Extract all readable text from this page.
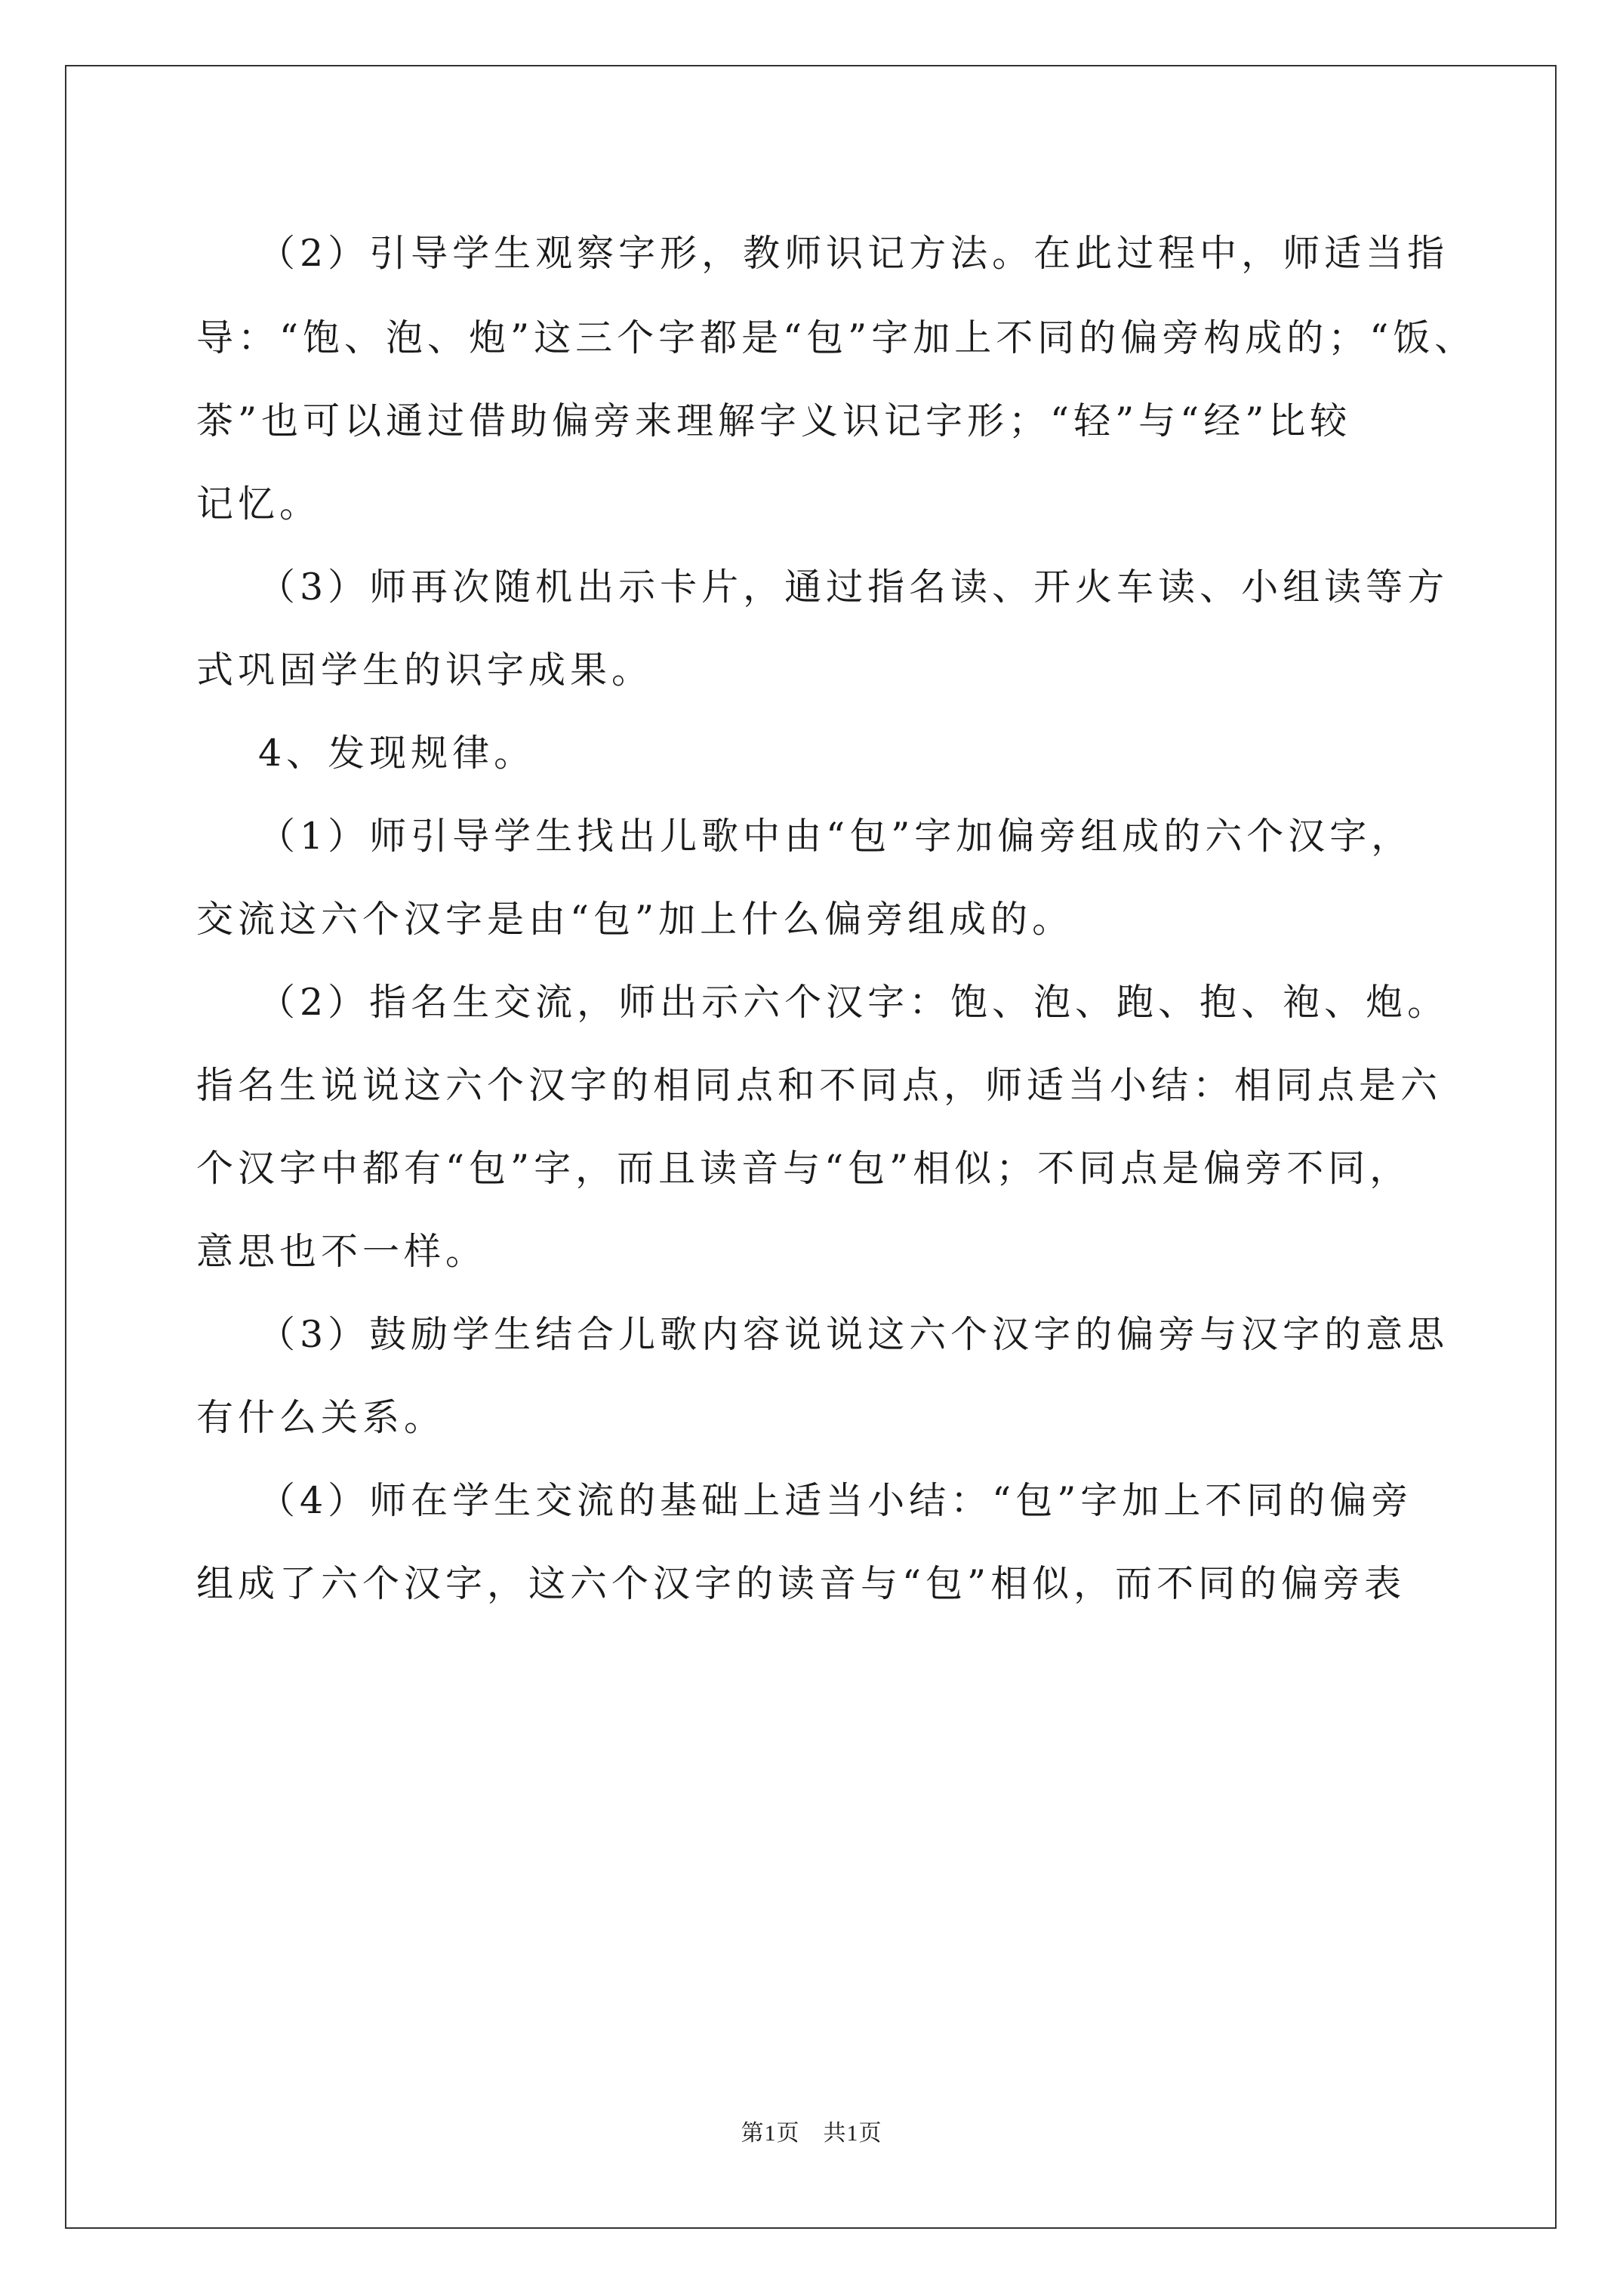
（2）引导学生观察字形，教师识记方法。在此过程中，师适当指
导：“饱、泡、炮”这三个字都是“包”字加上不同的偏旁构成的；“饭、
茶”也可以通过借助偏旁来理解字义识记字形；“轻”与“经”比较
记忆。
（3）师再次随机出示卡片，通过指名读、开火车读、小组读等方
式巩固学生的识字成果。
4、发现规律。
（1）师引导学生找出儿歌中由“包”字加偏旁组成的六个汉字，
交流这六个汉字是由“包”加上什么偏旁组成的。
（2）指名生交流，师出示六个汉字：饱、泡、跑、抱、袍、炮。
指名生说说这六个汉字的相同点和不同点，师适当小结：相同点是六
个汉字中都有“包”字，而且读音与“包”相似；不同点是偏旁不同，
意思也不一样。
（3）鼓励学生结合儿歌内容说说这六个汉字的偏旁与汉字的意思
有什么关系。
（4）师在学生交流的基础上适当小结：“包”字加上不同的偏旁
组成了六个汉字，这六个汉字的读音与“包”相似，而不同的偏旁表
第1页　共1页
